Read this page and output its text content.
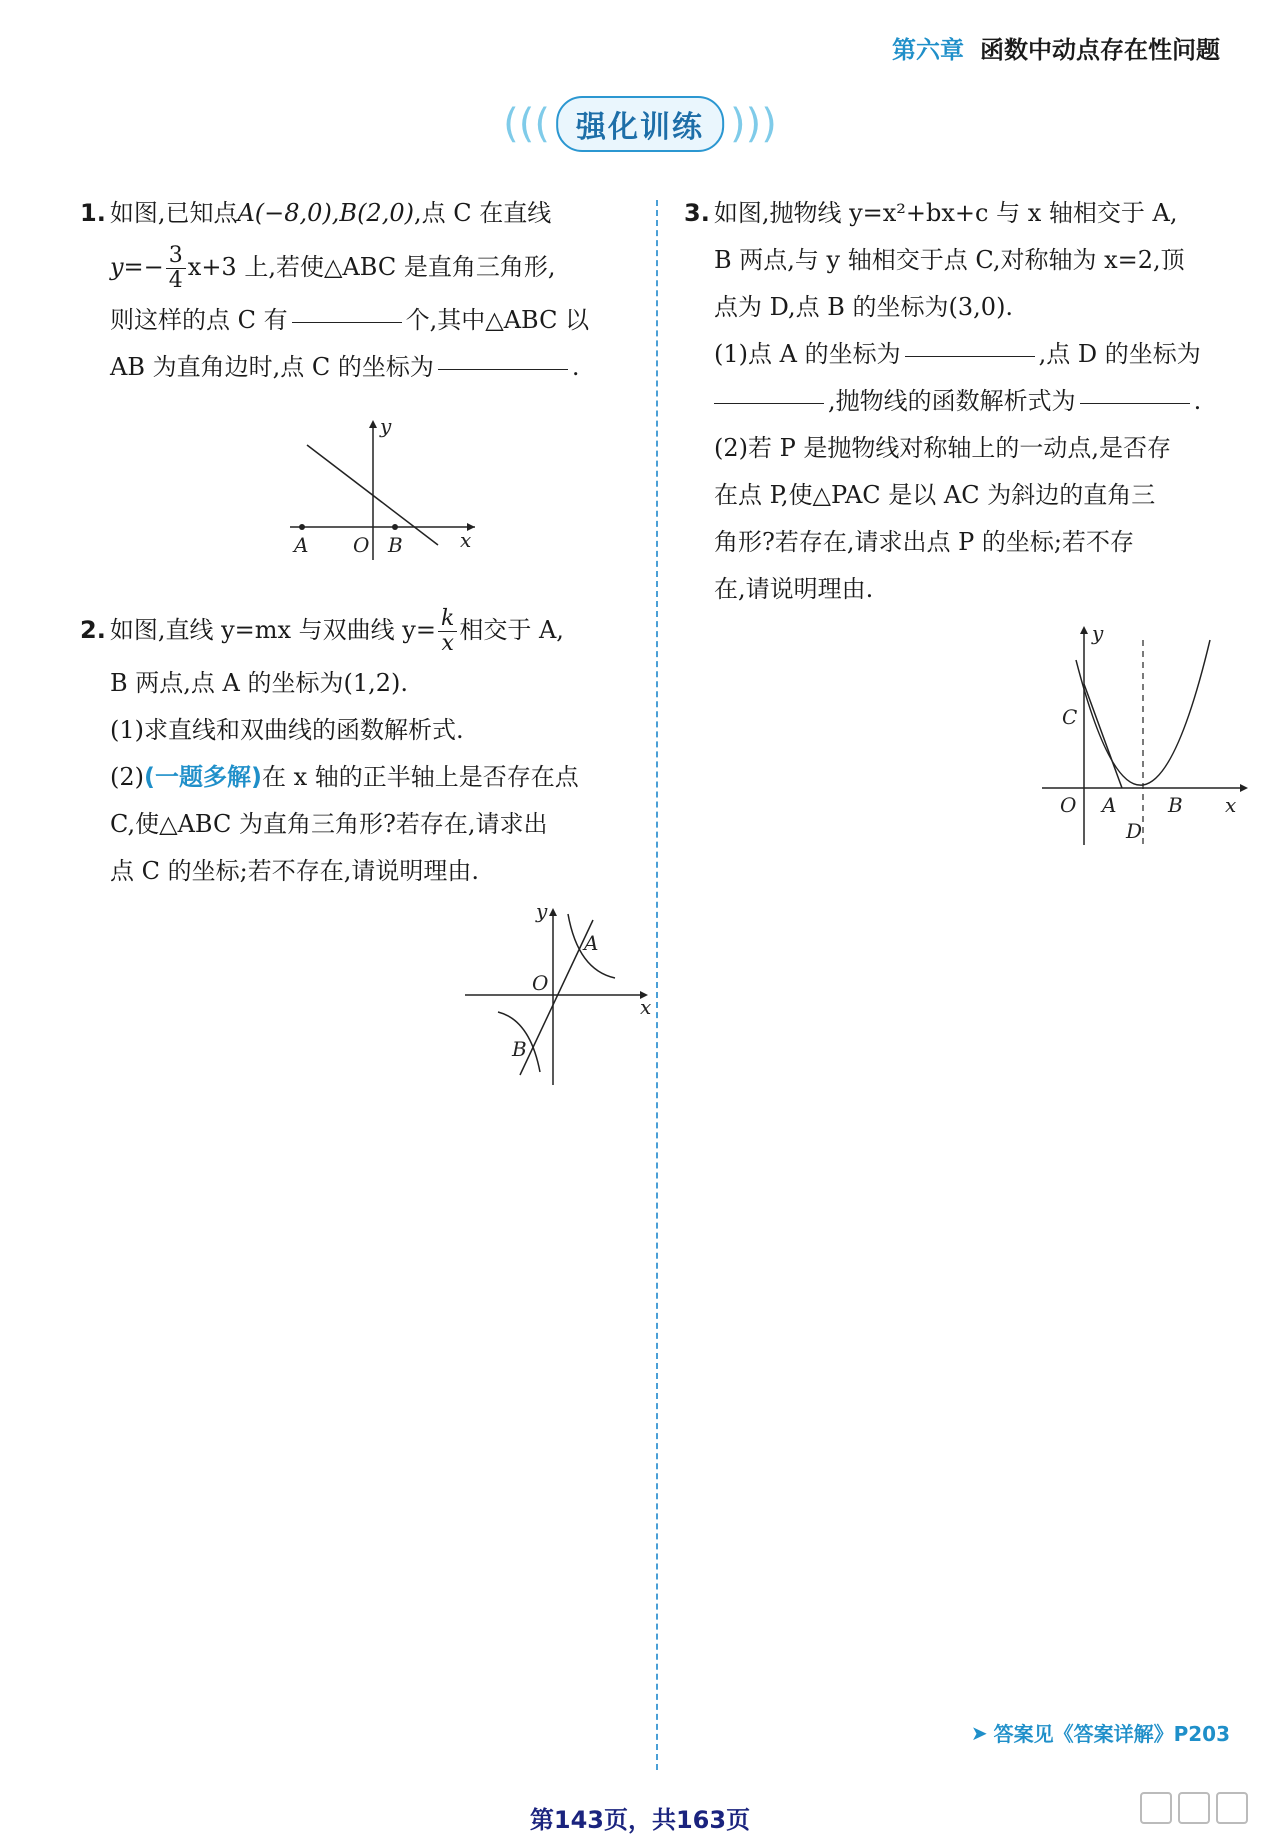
第六章 函数中动点存在性问题
((( 强化训练 )))

1. 如图,已知点A(−8,0),B(2,0),点 C 在直线

$y=- \frac{3}{4} x+3$ 上,若使△ABC 是直角三角形,

则这样的点 C 有	个,其中△ABC 以

AB 为直角边时,点 C 的坐标为	.

A O B	x
y

2. 如图,直线 y=mx 与双曲线 $y= \frac{k}{x}$ 相交于 A,

B 两点,点 A 的坐标为(1,2).

(1)求直线和双曲线的函数解析式.

(2)(一题多解)在 x 轴的正半轴上是否存在点

C,使△ABC 为直角三角形?若存在,请求出

点 C 的坐标;若不存在,请说明理由.

A
O
B
x
y

3. 如图,抛物线 y=x²+bx+c 与 x 轴相交于 A,

B 两点,与 y 轴相交于点 C,对称轴为 x=2,顶

点为 D,点 B 的坐标为(3,0).

(1)点 A 的坐标为	,点 D 的坐标为

,抛物线的函数解析式为	.

(2)若 P 是抛物线对称轴上的一动点,是否存

在点 P,使△PAC 是以 AC 为斜边的直角三

角形?若存在,请求出点 P 的坐标;若不存

在,请说明理由.

C
O A	B
D
x
y
➤ 答案见《答案详解》P203
第143页，共163页
